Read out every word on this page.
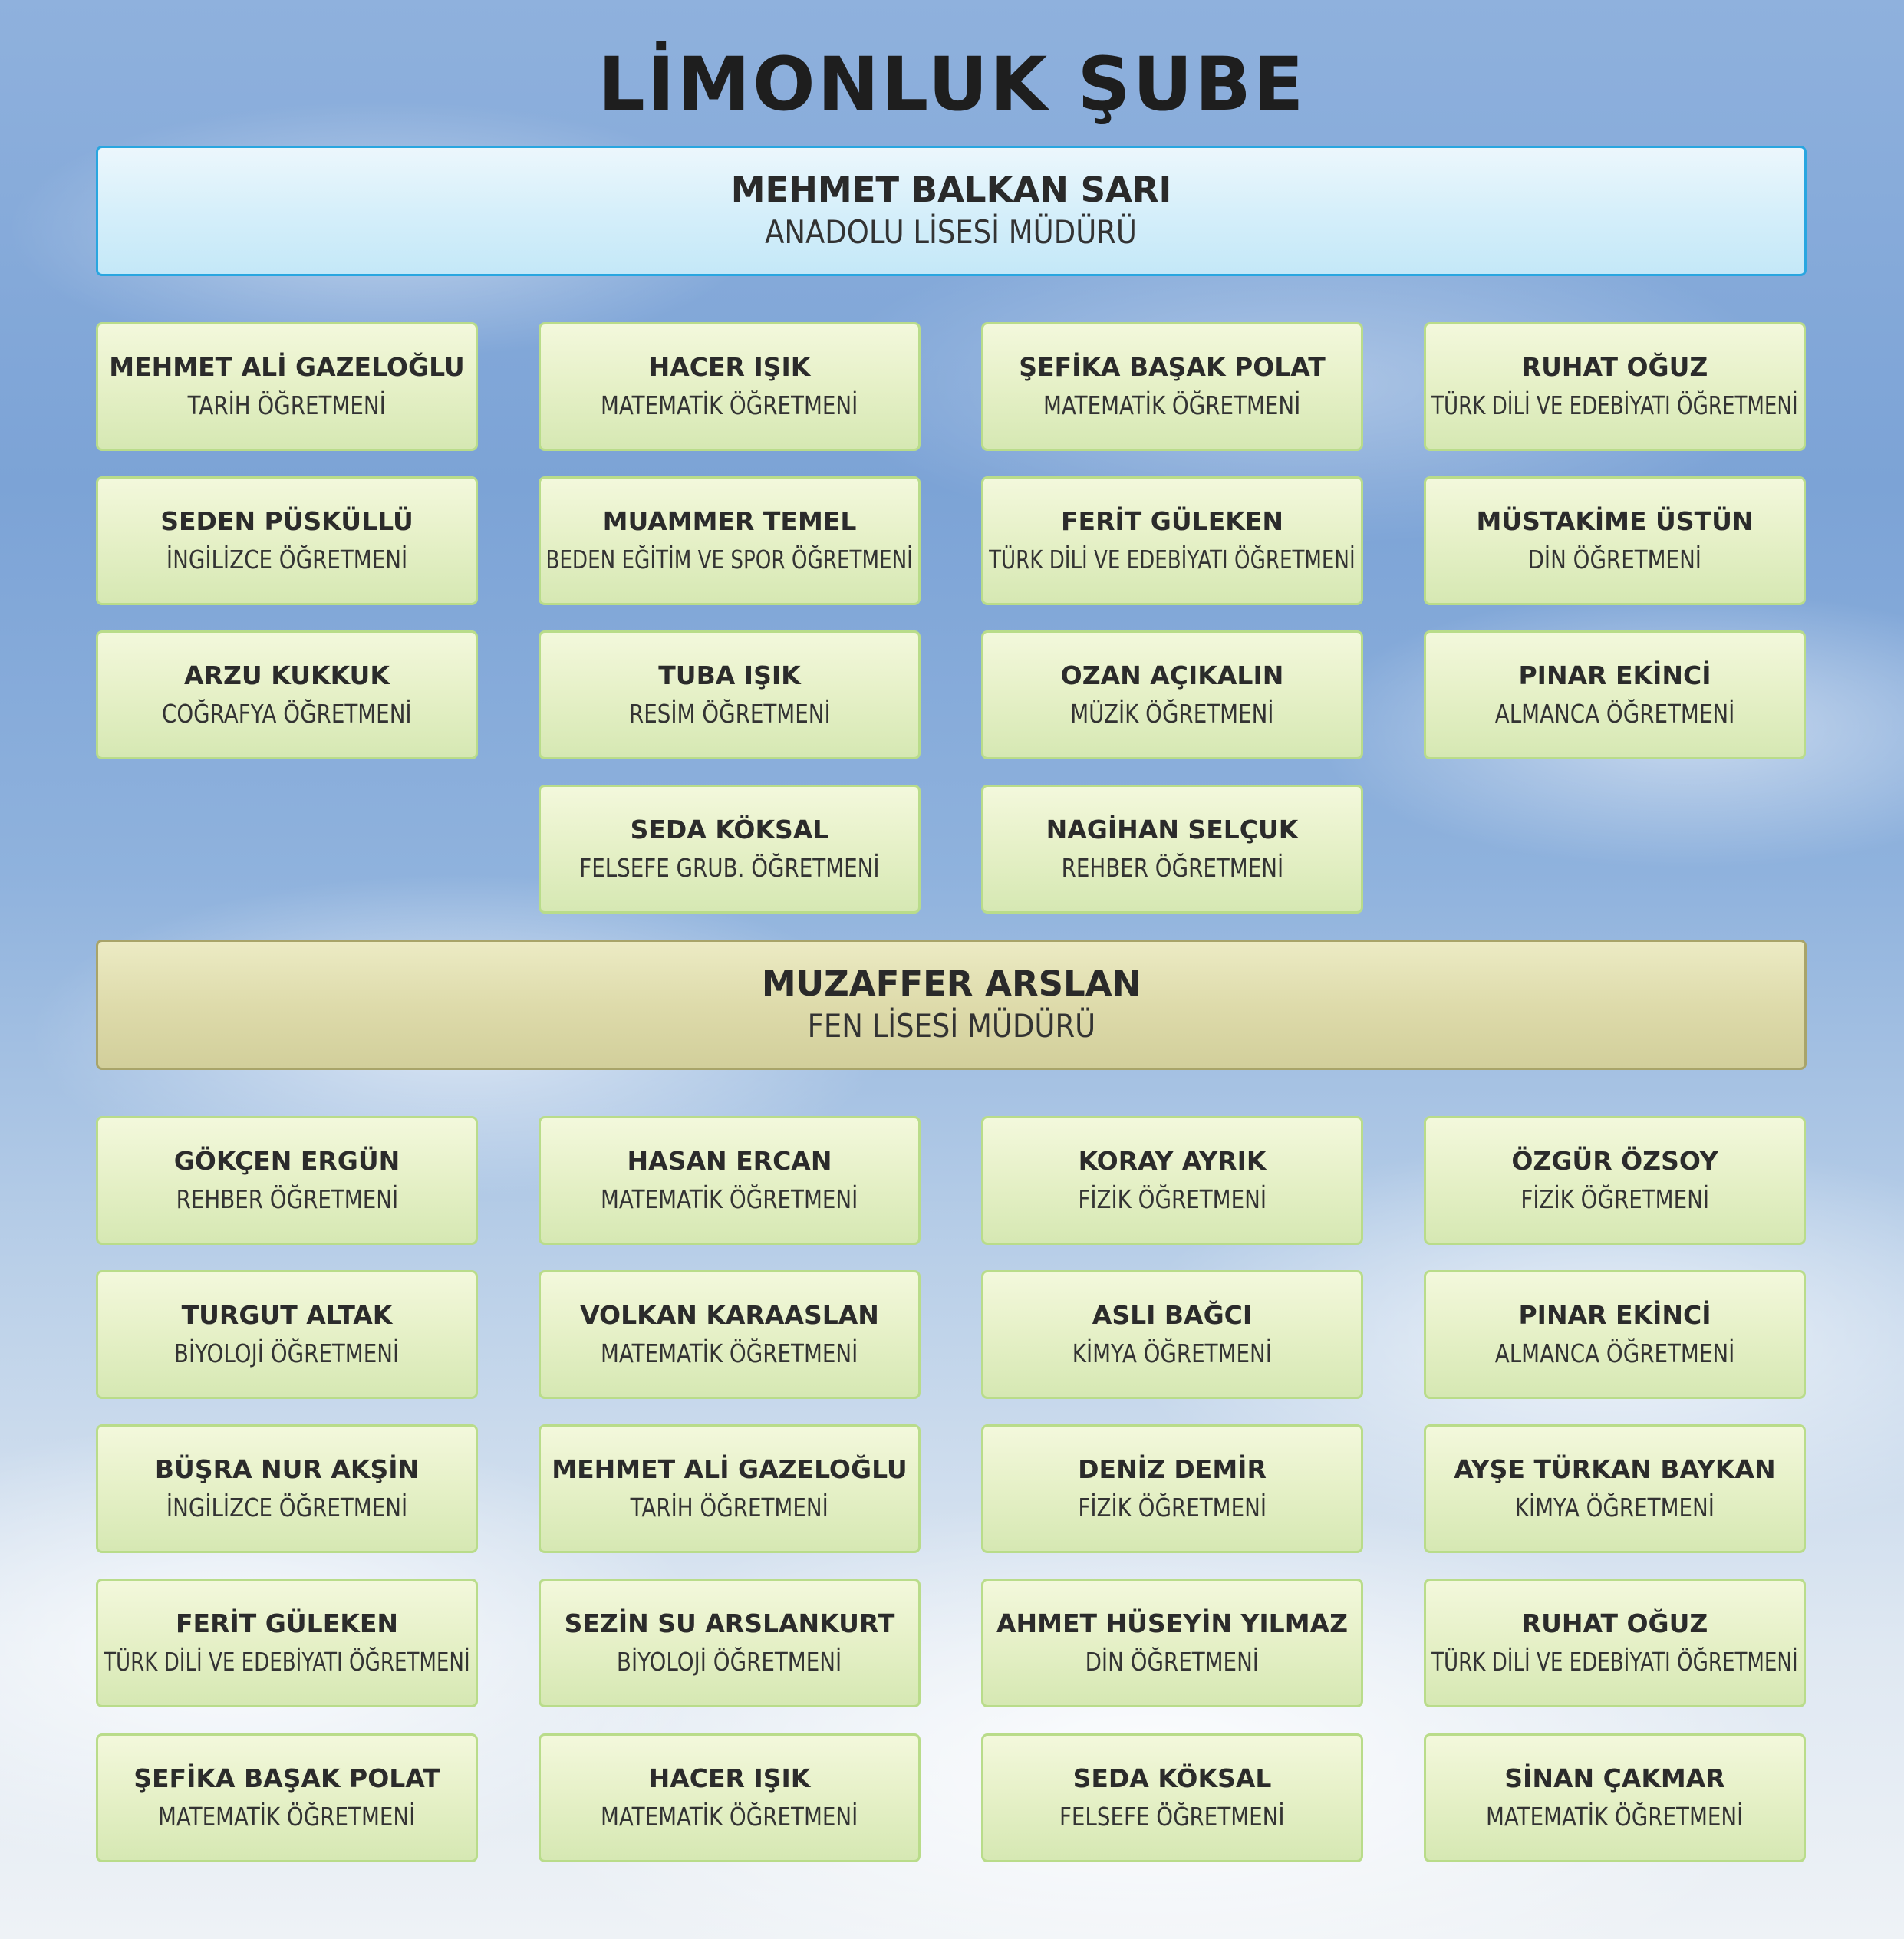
LİMONLUK ŞUBE
MEHMET BALKAN SARI
ANADOLU LİSESİ MÜDÜRÜ
MEHMET ALİ GAZELOĞLU
TARİH ÖĞRETMENİ
HACER IŞIK
MATEMATİK ÖĞRETMENİ
ŞEFİKA BAŞAK POLAT
MATEMATİK ÖĞRETMENİ
RUHAT OĞUZ
TÜRK DİLİ VE EDEBİYATI ÖĞRETMENİ
SEDEN PÜSKÜLLÜ
İNGİLİZCE ÖĞRETMENİ
MUAMMER TEMEL
BEDEN EĞİTİM VE SPOR ÖĞRETMENİ
FERİT GÜLEKEN
TÜRK DİLİ VE EDEBİYATI ÖĞRETMENİ
MÜSTAKİME ÜSTÜN
DİN ÖĞRETMENİ
ARZU KUKKUK
COĞRAFYA ÖĞRETMENİ
TUBA IŞIK
RESİM ÖĞRETMENİ
OZAN AÇIKALIN
MÜZİK ÖĞRETMENİ
PINAR EKİNCİ
ALMANCA ÖĞRETMENİ
SEDA KÖKSAL
FELSEFE GRUB. ÖĞRETMENİ
NAGİHAN SELÇUK
REHBER ÖĞRETMENİ
MUZAFFER ARSLAN
FEN LİSESİ MÜDÜRÜ
GÖKÇEN ERGÜN
REHBER ÖĞRETMENİ
HASAN ERCAN
MATEMATİK ÖĞRETMENİ
KORAY AYRIK
FİZİK ÖĞRETMENİ
ÖZGÜR ÖZSOY
FİZİK ÖĞRETMENİ
TURGUT ALTAK
BİYOLOJİ ÖĞRETMENİ
VOLKAN KARAASLAN
MATEMATİK ÖĞRETMENİ
ASLI BAĞCI
KİMYA ÖĞRETMENİ
PINAR EKİNCİ
ALMANCA ÖĞRETMENİ
BÜŞRA NUR AKŞİN
İNGİLİZCE ÖĞRETMENİ
MEHMET ALİ GAZELOĞLU
TARİH ÖĞRETMENİ
DENİZ DEMİR
FİZİK ÖĞRETMENİ
AYŞE TÜRKAN BAYKAN
KİMYA ÖĞRETMENİ
FERİT GÜLEKEN
TÜRK DİLİ VE EDEBİYATI ÖĞRETMENİ
SEZİN SU ARSLANKURT
BİYOLOJİ ÖĞRETMENİ
AHMET HÜSEYİN YILMAZ
DİN ÖĞRETMENİ
RUHAT OĞUZ
TÜRK DİLİ VE EDEBİYATI ÖĞRETMENİ
ŞEFİKA BAŞAK POLAT
MATEMATİK ÖĞRETMENİ
HACER IŞIK
MATEMATİK ÖĞRETMENİ
SEDA KÖKSAL
FELSEFE ÖĞRETMENİ
SİNAN ÇAKMAR
MATEMATİK ÖĞRETMENİ
